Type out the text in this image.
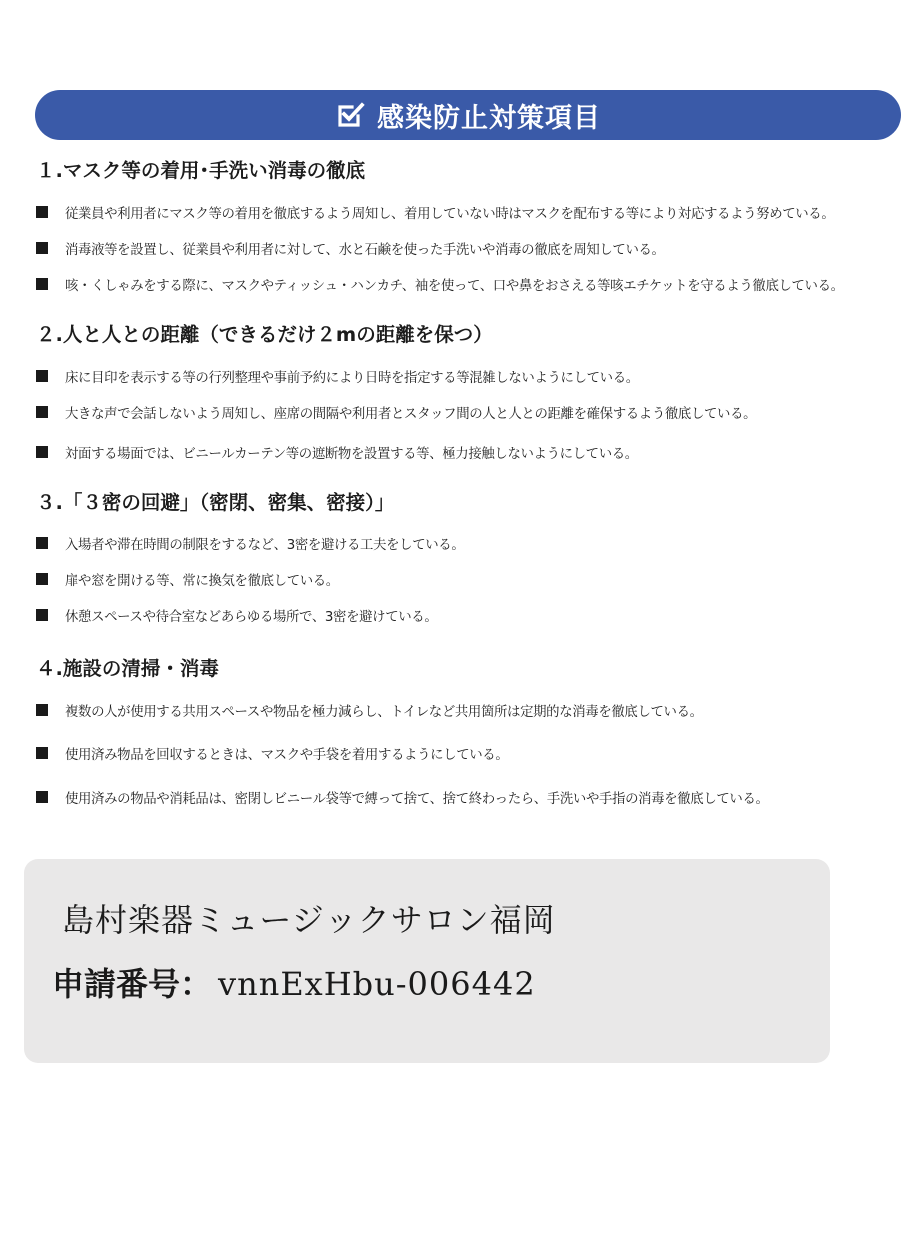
感染防止対策項目
１.マスク等の着用･手洗い消毒の徹底
従業員や利用者にマスク等の着用を徹底するよう周知し、着用していない時はマスクを配布する等により対応するよう努めている。
消毒液等を設置し、従業員や利用者に対して、水と石鹸を使った手洗いや消毒の徹底を周知している。
咳・くしゃみをする際に、マスクやティッシュ・ハンカチ、袖を使って、口や鼻をおさえる等咳エチケットを守るよう徹底している。
２.人と人との距離（できるだけ２mの距離を保つ）
床に目印を表示する等の行列整理や事前予約により日時を指定する等混雑しないようにしている。
大きな声で会話しないよう周知し、座席の間隔や利用者とスタッフ間の人と人との距離を確保するよう徹底している。
対面する場面では、ビニールカーテン等の遮断物を設置する等、極力接触しないようにしている。
３.「３密の回避」（密閉、密集、密接）」
入場者や滞在時間の制限をするなど、3密を避ける工夫をしている。
扉や窓を開ける等、常に換気を徹底している。
休憩スペースや待合室などあらゆる場所で、3密を避けている。
４.施設の清掃・消毒
複数の人が使用する共用スペースや物品を極力減らし、トイレなど共用箇所は定期的な消毒を徹底している。
使用済み物品を回収するときは、マスクや手袋を着用するようにしている。
使用済みの物品や消耗品は、密閉しビニール袋等で縛って捨て、捨て終わったら、手洗いや手指の消毒を徹底している。
島村楽器ミュージックサロン福岡
申請番号： vnnExHbu-006442
